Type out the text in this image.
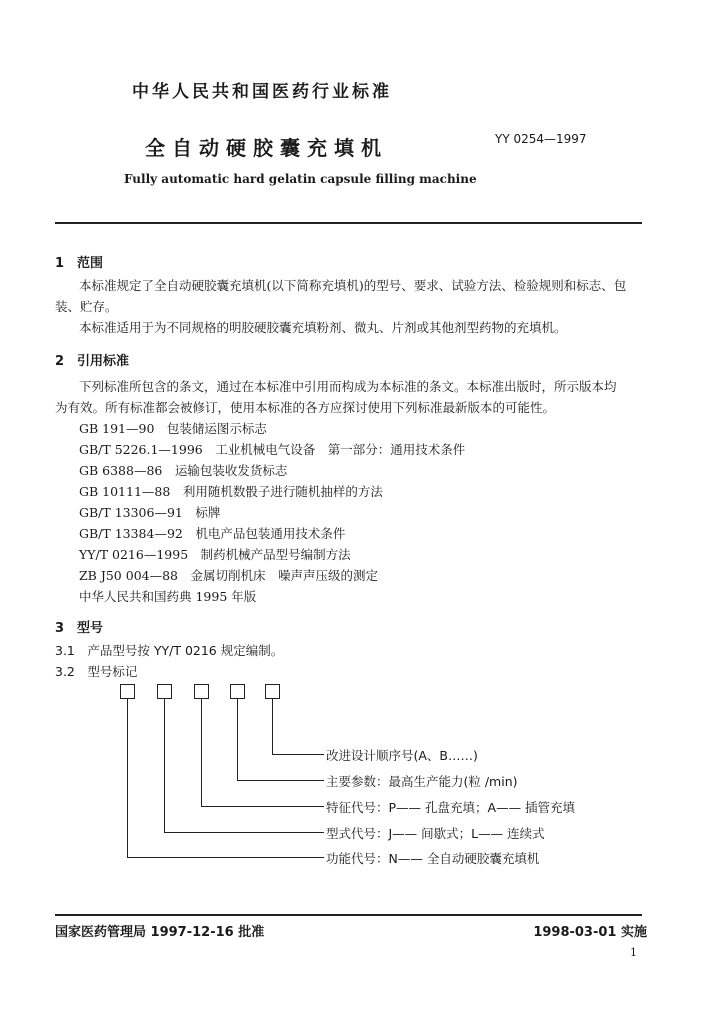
中华人民共和国医药行业标准
全自动硬胶囊充填机	YY 0254—1997
Fully automatic hard gelatin capsule filling machine
1　范围
本标准规定了全自动硬胶囊充填机(以下简称充填机)的型号、要求、试验方法、检验规则和标志、包
装、贮存。
本标准适用于为不同规格的明胶硬胶囊充填粉剂、微丸、片剂或其他剂型药物的充填机。
2　引用标准
下列标准所包含的条文，通过在本标准中引用而构成为本标准的条文。本标准出版时，所示版本均
为有效。所有标准都会被修订，使用本标准的各方应探讨使用下列标准最新版本的可能性。
GB 191—90　包装储运图示标志
GB/T 5226.1—1996　工业机械电气设备　第一部分：通用技术条件
GB 6388—86　运输包装收发货标志
GB 10111—88　利用随机数骰子进行随机抽样的方法
GB/T 13306—91　标牌
GB/T 13384—92　机电产品包装通用技术条件
YY/T 0216—1995　制药机械产品型号编制方法
ZB J50 004—88　金属切削机床　噪声声压级的测定
中华人民共和国药典 1995 年版
3　型号
3.1　产品型号按 YY/T 0216 规定编制。
3.2　型号标记
改进设计顺序号(A、B……)
主要参数：最高生产能力(粒 /min)
特征代号：P—— 孔盘充填；A—— 插管充填
型式代号：J—— 间歇式；L—— 连续式
功能代号：N—— 全自动硬胶囊充填机
国家医药管理局 1997-12-16 批准	1998-03-01 实施
1
